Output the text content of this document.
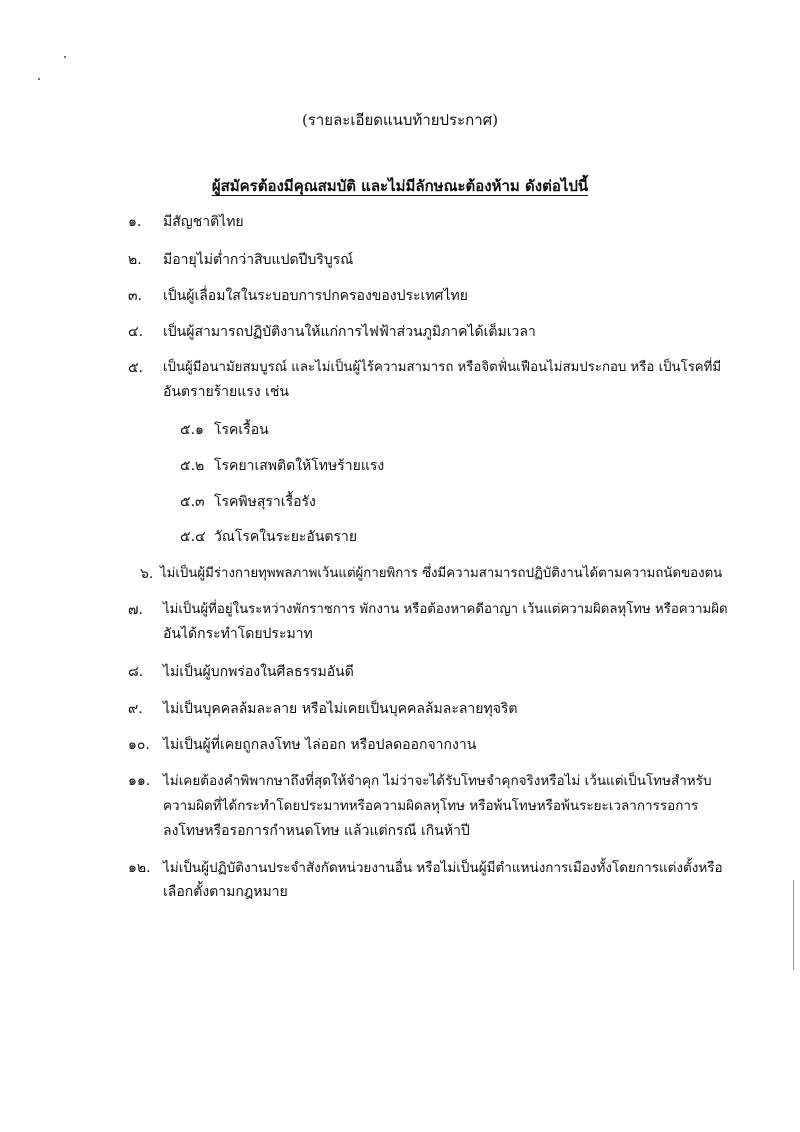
(รายละเอียดแนบท้ายประกาศ)
ผู้สมัครต้องมีคุณสมบัติ และไม่มีลักษณะต้องห้าม ดังต่อไปนี้
๑. มีสัญชาติไทย
๒. มีอายุไม่ต่ำกว่าสิบแปดปีบริบูรณ์
๓. เป็นผู้เลื่อมใสในระบอบการปกครองของประเทศไทย
๔. เป็นผู้สามารถปฏิบัติงานให้แก่การไฟฟ้าส่วนภูมิภาคได้เต็มเวลา
๕. เป็นผู้มีอนามัยสมบูรณ์ และไม่เป็นผู้ไร้ความสามารถ หรือจิตฟั่นเฟือนไม่สมประกอบ หรือ เป็นโรคที่มี
อันตรายร้ายแรง เช่น
๕.๑ โรคเรื้อน
๕.๒ โรคยาเสพติดให้โทษร้ายแรง
๕.๓ โรคพิษสุราเรื้อรัง
๕.๔ วัณโรคในระยะอันตราย
๖. ไม่เป็นผู้มีร่างกายทุพพลภาพเว้นแต่ผู้กายพิการ ซึ่งมีความสามารถปฏิบัติงานได้ตามความถนัดของตน
๗. ไม่เป็นผู้ที่อยู่ในระหว่างพักราชการ พักงาน หรือต้องหาคดีอาญา เว้นแต่ความผิดลหุโทษ หรือความผิด
อันได้กระทำโดยประมาท
๘. ไม่เป็นผู้บกพร่องในศีลธรรมอันดี
๙. ไม่เป็นบุคคลล้มละลาย หรือไม่เคยเป็นบุคคลล้มละลายทุจริต
๑๐. ไม่เป็นผู้ที่เคยถูกลงโทษ ไล่ออก หรือปลดออกจากงาน
๑๑. ไม่เคยต้องคำพิพากษาถึงที่สุดให้จำคุก ไม่ว่าจะได้รับโทษจำคุกจริงหรือไม่ เว้นแต่เป็นโทษสำหรับ
ความผิดที่ได้กระทำโดยประมาทหรือความผิดลหุโทษ หรือพ้นโทษหรือพ้นระยะเวลาการรอการ
ลงโทษหรือรอการกำหนดโทษ แล้วแต่กรณี เกินห้าปี
๑๒. ไม่เป็นผู้ปฏิบัติงานประจำสังกัดหน่วยงานอื่น หรือไม่เป็นผู้มีตำแหน่งการเมืองทั้งโดยการแต่งตั้งหรือ
เลือกตั้งตามกฎหมาย
